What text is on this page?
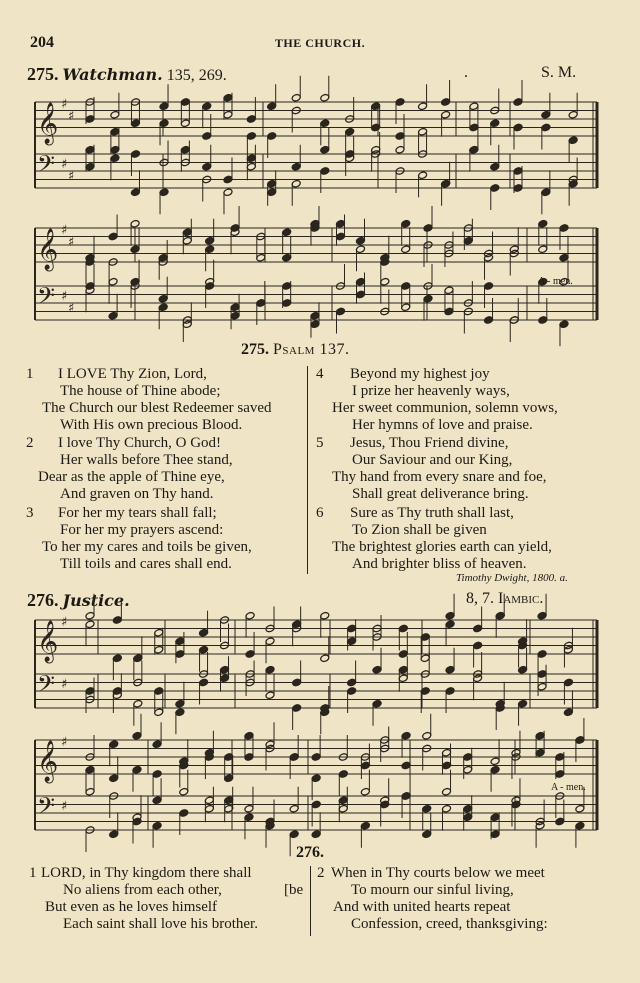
204	THE CHURCH.
275. Watchman. 135, 269.	.	S. M.
𝄞 ♯
♯
𝄢 ♯
♯
𝄞 ♯
♯
𝄢 ♯
♯
A - men.
275. Psalm 137.
1	I LOVE Thy Zion, Lord,
The house of Thine abode;
The Church our blest Redeemer saved
With His own precious Blood.
2	I love Thy Church, O God!
Her walls before Thee stand,
Dear as the apple of Thine eye,
And graven on Thy hand.
3	For her my tears shall fall;
For her my prayers ascend:
To her my cares and toils be given,
Till toils and cares shall end.
4	Beyond my highest joy
I prize her heavenly ways,
Her sweet communion, solemn vows,
Her hymns of love and praise.
5	Jesus, Thou Friend divine,
Our Saviour and our King,
Thy hand from every snare and foe,
Shall great deliverance bring.
6	Sure as Thy truth shall last,
To Zion shall be given
The brightest glories earth can yield,
And brighter bliss of heaven.
Timothy Dwight, 1800. a.
276. Justice.	8, 7. Iambic.
𝄞 ♯
𝄢 ♯
𝄞 ♯
𝄢 ♯
A - men.
276.
1 LORD, in Thy kingdom there shall
No aliens from each other,
But even as he loves himself
Each saint shall love his brother.
[be
2 When in Thy courts below we meet
To mourn our sinful living,
And with united hearts repeat
Confession, creed, thanksgiving:
